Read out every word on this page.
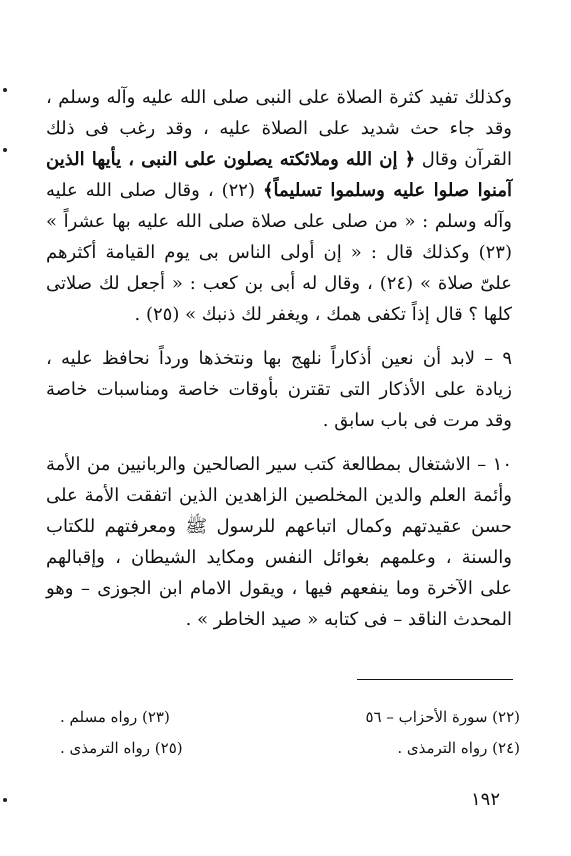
وكذلك تفيد كثرة الصلاة على النبى صلى الله عليه وآله وسلم ، وقد جاء حث شديد على الصلاة عليه ، وقد رغب فى ذلك القرآن وقال ﴿ إن الله وملائكته يصلون على النبى ، يأيها الذين آمنوا صلوا عليه وسلموا تسليماً﴾ (٢٢) ، وقال صلى الله عليه وآله وسلم : « من صلى على صلاة صلى الله عليه بها عشراً » (٢٣) وكذلك قال : « إن أولى الناس بى يوم القيامة أكثرهم علىّ صلاة » (٢٤) ، وقال له أبى بن كعب : « أجعل لك صلاتى كلها ؟ قال إذاً تكفى همك ، ويغفر لك ذنبك » (٢٥) .

٩ – لابد أن نعين أذكاراً نلهج بها ونتخذها ورداً نحافظ عليه ، زيادة على الأذكار التى تقترن بأوقات خاصة ومناسبات خاصة وقد مرت فى باب سابق .

١٠ – الاشتغال بمطالعة كتب سير الصالحين والربانيين من الأمة وأئمة العلم والدين المخلصين الزاهدين الذين اتفقت الأمة على حسن عقيدتهم وكمال اتباعهم للرسول ﷺ ومعرفتهم للكتاب والسنة ، وعلمهم بغوائل النفس ومكايد الشيطان ، وإقبالهم على الآخرة وما ينفعهم فيها ، ويقول الامام ابن الجوزى – وهو المحدث الناقد – فى كتابه « صيد الخاطر » .

(٢٢) سورة الأحزاب – ٥٦
(٢٣) رواه مسلم .
(٢٤) رواه الترمذى .
(٢٥) رواه الترمذى .
١٩٢
